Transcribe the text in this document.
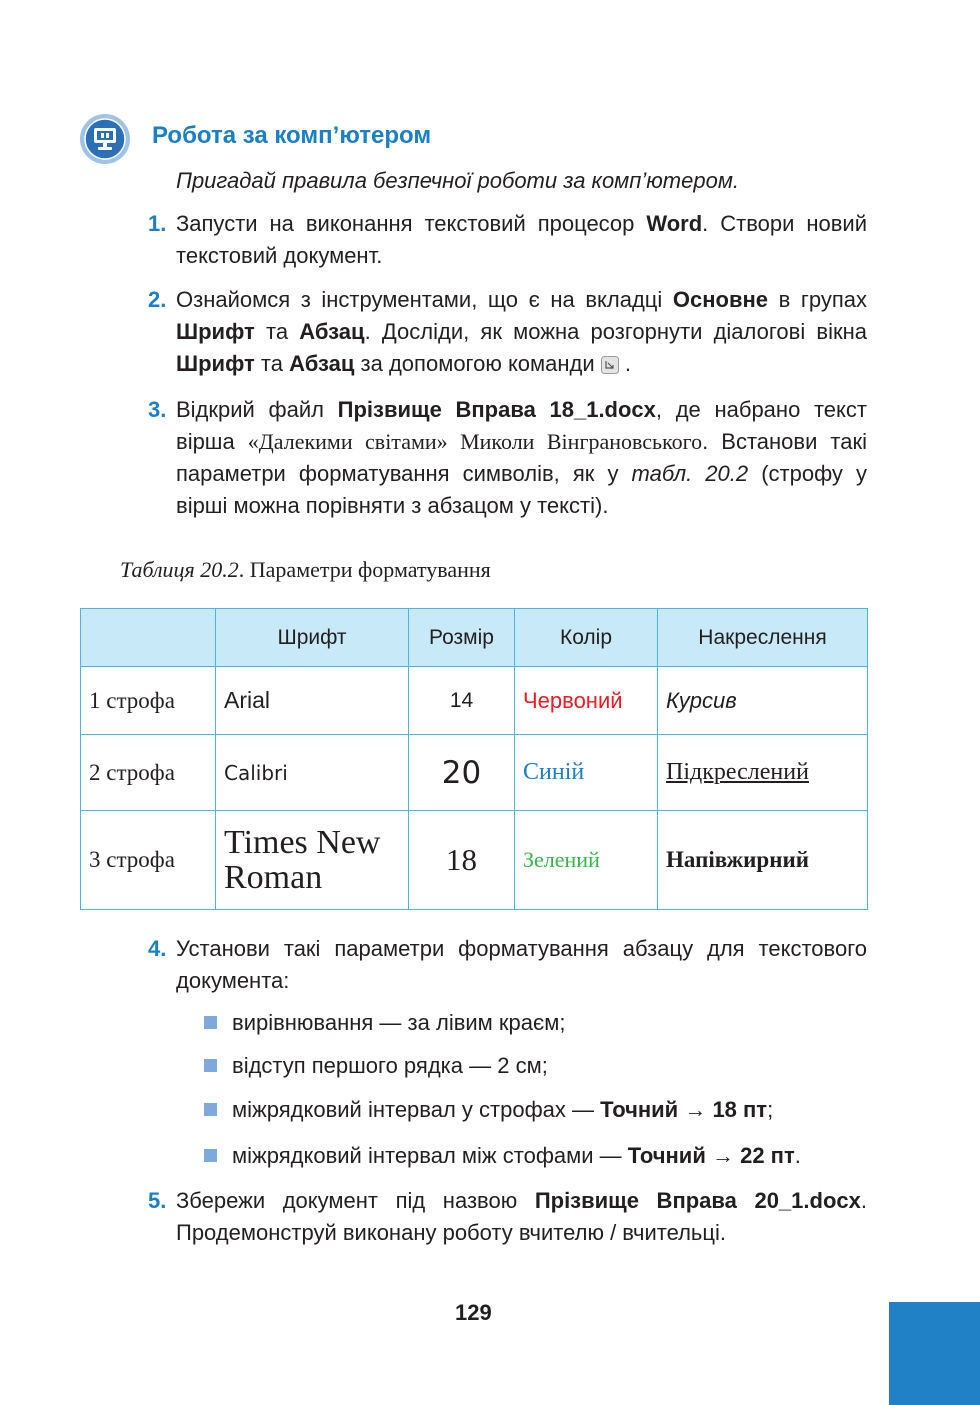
Робота за комп’ютером
Пригадай правила безпечної роботи за комп’ютером.
1. Запусти на виконання текстовий процесор Word. Створи новий текстовий документ.
2. Ознайомся з інструментами, що є на вкладці Основне в групах Шрифт та Абзац. Досліди, як можна розгорнути діалогові вікна Шрифт та Абзац за допомогою команди  .
3. Відкрий файл Прізвище Вправа 18_1.docx, де набрано текст вірша «Далекими світами» Миколи Вінграновського. Встанови такі параметри форматування символів, як у табл. 20.2 (строфу у вірші можна порівняти з абзацом у тексті).
Таблиця 20.2. Параметри форматування
	Шрифт	Розмір	Колір	Накреслення
1 строфа	Arial	14	Червоний	Курсив
2 строфа	Calibri	20	Синій	Підкреслений
3 строфа	Times New Roman	18	Зелений	Напівжирний
4. Установи такі параметри форматування абзацу для текстового документа:
вирівнювання — за лівим краєм;
відступ першого рядка — 2 см;
міжрядковий інтервал у строфах — Точний → 18 пт;
міжрядковий інтервал між стофами — Точний → 22 пт.
5. Збережи документ під назвою Прізвище Вправа 20_1.docx. Продемонструй виконану роботу вчителю / вчительці.
129
